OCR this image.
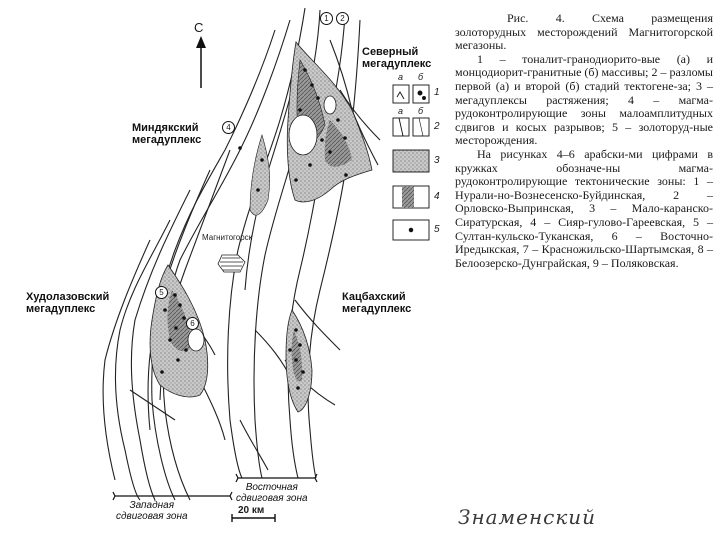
С
1	2
4
5
6
Северный
мегадуплекс
Миндякский
мегадуплекс
Худолазовский
мегадуплекс
Кацбахский
мегадуплекс
Магнитогорск
Восточная
сдвиговая зона
Западная
сдвиговая зона
20 км
а б
а б
1
2
3
4
5

Рис. 4. Схема размещения золоторудных месторождений Магнитогорской мегазоны.

1 – тоналит-гранодиорито-вые (а) и монцодиорит-гранитные (б) массивы; 2 – разломы первой (а) и второй (б) стадий тектогене-за; 3 – мегадуплексы растяжения; 4 – магма-рудоконтролирующие зоны малоамплитудных сдвигов и косых разрывов; 5 – золоторуд-ные месторождения.

На рисунках 4–6 арабски-ми цифрами в кружках обозначе-ны магма-рудоконтролирующие тектонические зоны: 1 – Нурали-но-Вознесенско-Буйдинская, 2 – Орловско-Выпринская, 3 – Мало-каранско-Сиратурская, 4 – Сияр-гулово-Гареевская, 5 – Султан-кульско-Туканская, 6 – Восточно-Иредыкская, 7 – Красножильско-Шартымская, 8 – Белоозерско-Дунграйская, 9 – Поляковская.

Знаменский
